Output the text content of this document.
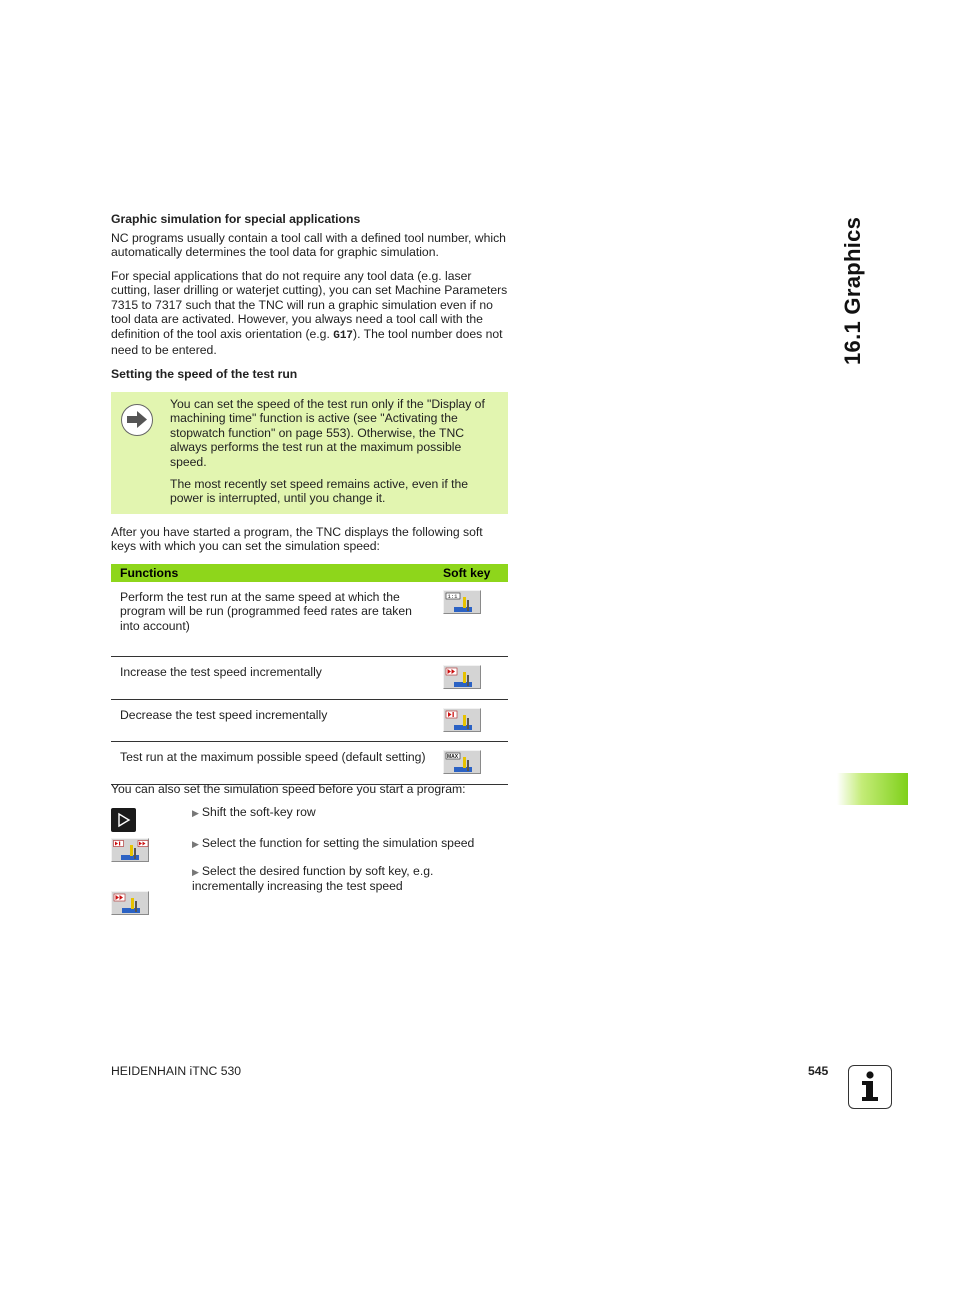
Graphic simulation for special applications
NC programs usually contain a tool call with a defined tool number, which automatically determines the tool data for graphic simulation.
For special applications that do not require any tool data (e.g. laser cutting, laser drilling or waterjet cutting), you can set Machine Parameters 7315 to 7317 such that the TNC will run a graphic simulation even if no tool data are activated. However, you always need a tool call with the definition of the tool axis orientation (e.g. G17). The tool number does not need to be entered.
Setting the speed of the test run

You can set the speed of the test run only if the "Display of machining time" function is active (see "Activating the stopwatch function" on page 553). Otherwise, the TNC always performs the test run at the maximum possible speed.

The most recently set speed remains active, even if the power is interrupted, until you change it.

After you have started a program, the TNC displays the following soft keys with which you can set the simulation speed:
Functions	Soft key
Perform the test run at the same speed at which the program will be run (programmed feed rates are taken into account)	1:1

Increase the test speed incrementally	

Decrease the test speed incrementally	

Test run at the maximum possible speed (default setting)	MAX
You can also set the simulation speed before you start a program:
▶ Shift the soft-key row
▶ Select the function for setting the simulation speed
▶ Select the desired function by soft key, e.g. incrementally increasing the test speed
16.1 Graphics
HEIDENHAIN iTNC 530	545
